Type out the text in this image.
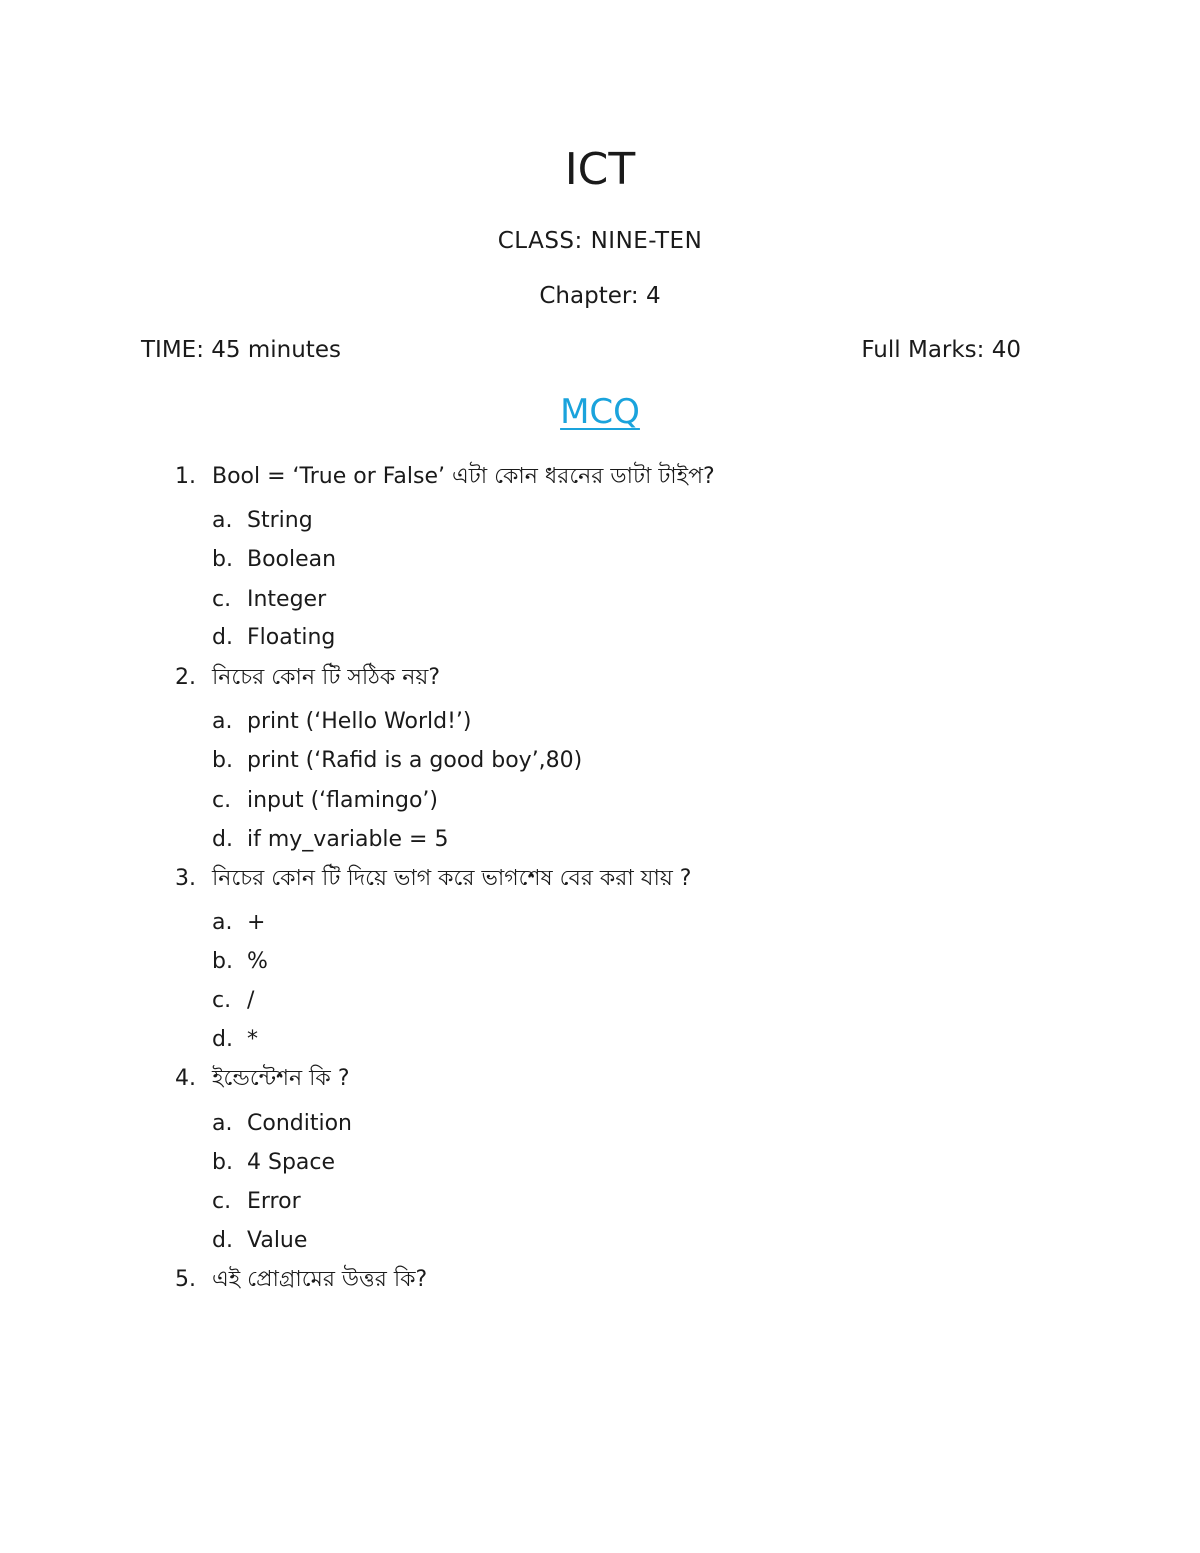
ICT
CLASS: NINE-TEN
Chapter: 4
TIME: 45 minutes	Full Marks: 40
MCQ
1. Bool = ‘True or False’ এটা কোন ধরনের ডাটা টাইপ?
a. String
b. Boolean
c. Integer
d. Floating
2. নিচের কোন টি সঠিক নয়?
a. print (‘Hello World!’)
b. print (‘Rafid is a good boy’,80)
c. input (‘flamingo’)
d. if my_variable = 5
3. নিচের কোন টি দিয়ে ভাগ করে ভাগশেষ বের করা যায় ?
a. +
b. %
c. /
d. *
4. ইন্ডেন্টেশন কি ?
a. Condition
b. 4 Space
c. Error
d. Value
5. এই প্রোগ্রামের উত্তর কি?
